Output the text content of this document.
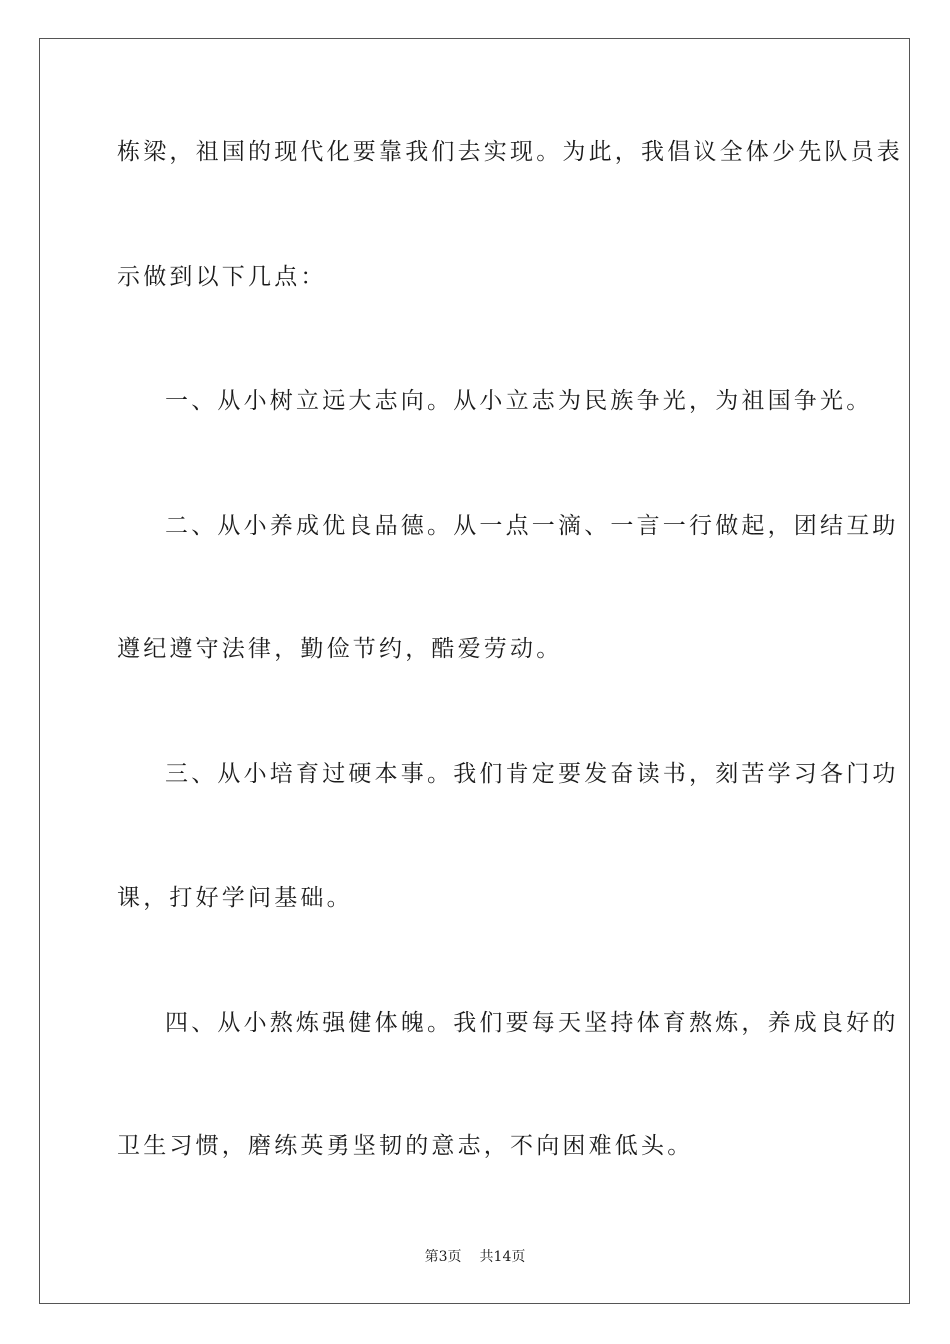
栋梁，祖国的现代化要靠我们去实现。为此，我倡议全体少先队员表
示做到以下几点：
一、从小树立远大志向。从小立志为民族争光，为祖国争光。
二、从小养成优良品德。从一点一滴、一言一行做起，团结互助
遵纪遵守法律，勤俭节约，酷爱劳动。
三、从小培育过硬本事。我们肯定要发奋读书，刻苦学习各门功
课，打好学问基础。
四、从小熬炼强健体魄。我们要每天坚持体育熬炼，养成良好的
卫生习惯，磨练英勇坚韧的意志，不向困难低头。
第3页 共14页
